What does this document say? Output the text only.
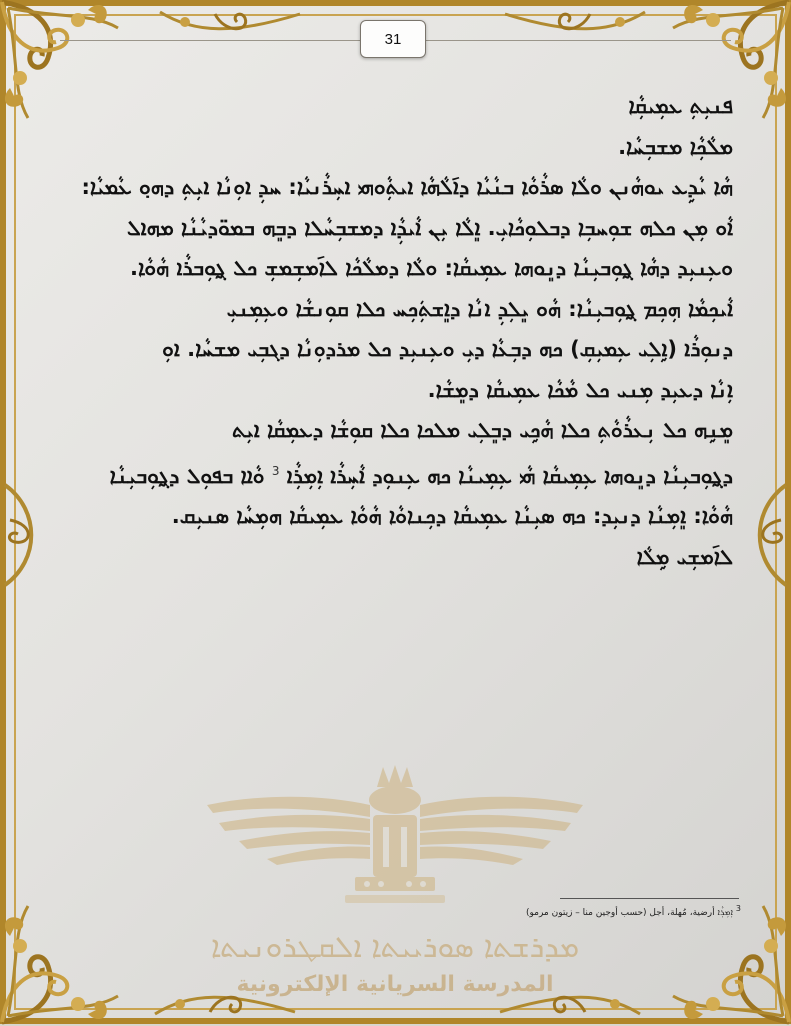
31
ܦܢܝܼܬܼ ܥܡܼܝܩܼܵܐ
ܡܠܵܟܼܵܐ ܡܫܒܼܚܵܐ.
ܗܵܐ ܝܵܕܹܥ ܝܘܗܵܢܢ ܘܠܵܐ ܣܪܵܘܵܐ ܒܢܵܝܵܐ ܕܐ݇ܠܵܗܵܐ ܐܝܬܼܵܘܗܝ ܐܚܼܪܵܢܝܵܐ: ܚܕܼ ܐܘܼܢܵܐ ܐܝܼܬܼ ܕܗܘ݂ ܥܵܡܝܵܐ:
ܐܵܘ ܡܼܢ ܟܠܗ ܫܘܼܚܒܼܐ ܕܒܠܘܼܟܵܐܝܼ. ܐܸܠܵܐ ܝܼܢ ܐܵܝܕܼܵܐ ܕܡܫܒܼܚܵܠܐ ܕܒܸܗ ܒܡܘ̈ܕܝܵܢܵܐ ܡܗܐܠ
ܘܥܼܢܝܼܕ ܕܗܵܐ ܓ̰ܘܼܒܝܼܢܵܐ ܕܢܸܘܗܐ ܥܡܼܝܩܵܐ: ܘܠܵܐ ܕܡܠܵܟܵܐ ܠܐ݇ܡܫܼܡܫܼ ܟܠ ܓ̰ܘܼܒܪܵܐ ܗܵܘܵܐ.
ܐܵܝܟܼܡܵܐ ܗܼܟܼܡ ܓ̰ܘܼܒܝܼܢܵܐ: ܗܵܘ ܝܸܠܼܕܼ ܐܢܵܐ ܕܐܸܫܬܲܟܼܚ ܟܠܐ ܩܘܼܢܫܵܐ ܘܥܼܡܼܢܝܼ
ܕܢܘܼܪܵܐ (ܐܹܠܼܝ ܥܼܡܝܼܩܼ) ܟܗ ܕܒܼܥܵܐ ܕܝܼ ܘܥܼܢܝܼܕ ܟܠ ܡܪܕܘܼܢܵܐ ܕܓܒܼܝ ܡܫܚܵܐ. ܐܘܼ
ܐܼܢܵܐ ܕܥܝܼܕ ܡܼܢܝ ܟܠ ܡܵܟܵܐ ܥܡܼܝܩܵܐ ܕܡܸܫܵܐ.
ܡܸܢܹܗ ܟܠ ܢܼܥܪܵܘܵܬܼ ܟܠܐ ܗܵܟܹܝ ܕܒܸܠܼܝ ܡܠܟܐ ܟܠܐ ܩܘܼܫܵܐ ܕܥܡܼܩܵܐ ܐܝܼܬ
ܕܓ̰ܘܼܒܝܼܢܵܐ ܕܢܸܘܗܐ ܥܼܡܼܝܩܵܐ ܗܵܝ ܥܼܡܼܝܢܵܐ ܟܗ ܥܼܢܘܼܕ ܐܵܚܼܪܵܐ ܐܼܡܼܪܼܵܐ $^3$ ܘܵܐܐ ܒܦܘܼܠ ܕܓ̰ܘܼܒܝܼܢܵܐ
ܗܵܘܵܐ: ܐܸܡܼܢܵܐ ܕܢܝܼܕ: ܟܗ ܣܝܼܢܵܐ ܥܡܼܝܩܵܐ ܕܟܼܢܐܘܵܐ ܗܵܘܵܐ ܥܡܼܝܩܵܐ ܗܡܼܚܵܐ ܣܢܝܼܩ.
ܠܐ݇ܡܫܼܝ ܡܹܠܵܐ
$^3$ ܐܼܡܼܪܼܵܐ أرضية، مُهلة، أجل (حسب أوجين منا – زيتون مرمو)
ܡܕܪܫܬܐ ܣܘܪܝܝܬܐ ܐܠܩܛܪܘܢܝܬܐ
المدرسة السريانية الإلكترونية
